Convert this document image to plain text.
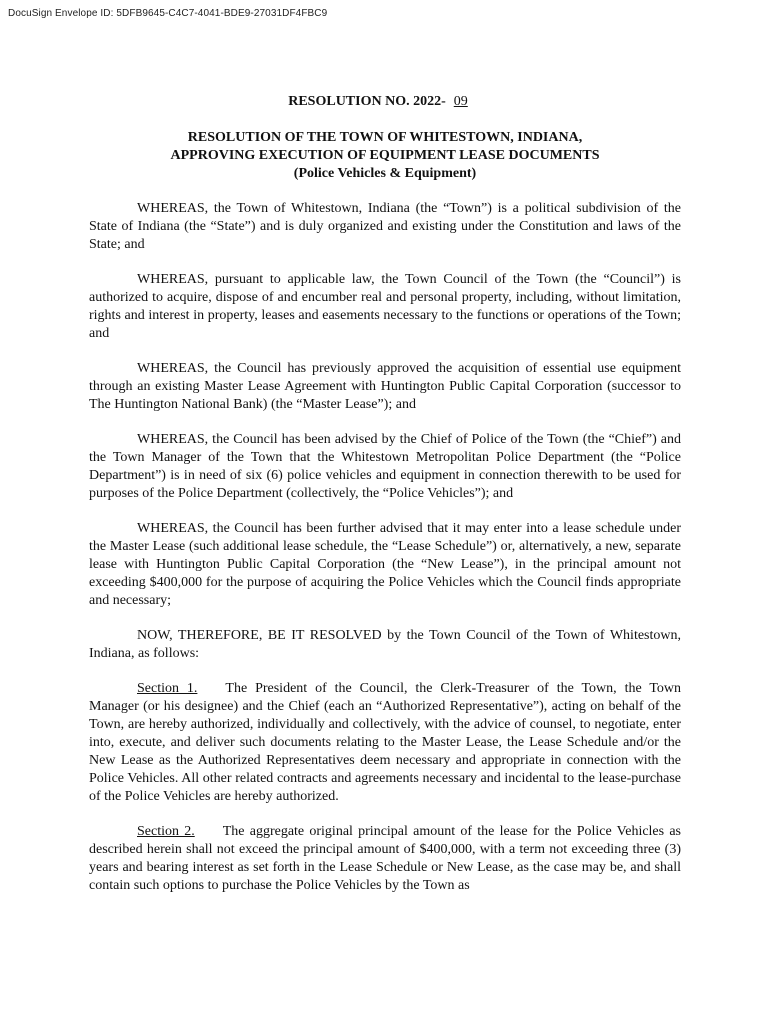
DocuSign Envelope ID: 5DFB9645-C4C7-4041-BDE9-27031DF4FBC9
RESOLUTION NO. 2022- 09
RESOLUTION OF THE TOWN OF WHITESTOWN, INDIANA,
APPROVING EXECUTION OF EQUIPMENT LEASE DOCUMENTS
(Police Vehicles & Equipment)

WHEREAS, the Town of Whitestown, Indiana (the “Town”) is a political subdivision of the State of Indiana (the “State”) and is duly organized and existing under the Constitution and laws of the State; and

WHEREAS, pursuant to applicable law, the Town Council of the Town (the “Council”) is authorized to acquire, dispose of and encumber real and personal property, including, without limitation, rights and interest in property, leases and easements necessary to the functions or operations of the Town; and

WHEREAS, the Council has previously approved the acquisition of essential use equipment through an existing Master Lease Agreement with Huntington Public Capital Corporation (successor to The Huntington National Bank) (the “Master Lease”); and

WHEREAS, the Council has been advised by the Chief of Police of the Town (the “Chief”) and the Town Manager of the Town that the Whitestown Metropolitan Police Department (the “Police Department”) is in need of six (6) police vehicles and equipment in connection therewith to be used for purposes of the Police Department (collectively, the “Police Vehicles”); and

WHEREAS, the Council has been further advised that it may enter into a lease schedule under the Master Lease (such additional lease schedule, the “Lease Schedule”) or, alternatively, a new, separate lease with Huntington Public Capital Corporation (the “New Lease”), in the principal amount not exceeding $400,000 for the purpose of acquiring the Police Vehicles which the Council finds appropriate and necessary;

NOW, THEREFORE, BE IT RESOLVED by the Town Council of the Town of Whitestown, Indiana, as follows:

Section 1. The President of the Council, the Clerk-Treasurer of the Town, the Town Manager (or his designee) and the Chief (each an “Authorized Representative”), acting on behalf of the Town, are hereby authorized, individually and collectively, with the advice of counsel, to negotiate, enter into, execute, and deliver such documents relating to the Master Lease, the Lease Schedule and/or the New Lease as the Authorized Representatives deem necessary and appropriate in connection with the Police Vehicles. All other related contracts and agreements necessary and incidental to the lease-purchase of the Police Vehicles are hereby authorized.

Section 2. The aggregate original principal amount of the lease for the Police Vehicles as described herein shall not exceed the principal amount of $400,000, with a term not exceeding three (3) years and bearing interest as set forth in the Lease Schedule or New Lease, as the case may be, and shall contain such options to purchase the Police Vehicles by the Town as
